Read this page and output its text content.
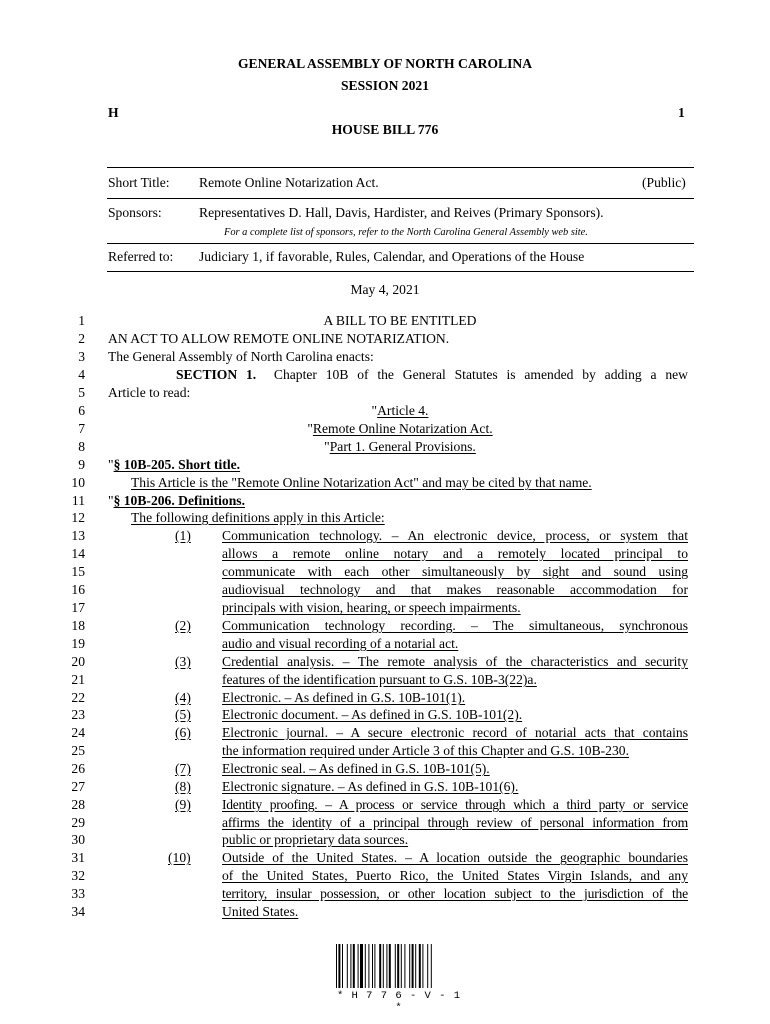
GENERAL ASSEMBLY OF NORTH CAROLINA
SESSION 2021
H	1
HOUSE BILL 776
Short Title: Remote Online Notarization Act.	(Public)
Sponsors:	Representatives D. Hall, Davis, Hardister, and Reives (Primary Sponsors).
For a complete list of sponsors, refer to the North Carolina General Assembly web site.
Referred to: Judiciary 1, if favorable, Rules, Calendar, and Operations of the House
May 4, 2021
1
2
3
4
5
6
7
8
9
10
11
12
13
14
15
16
17
18
19
20
21
22
23
24
25
26
27
28
29
30
31
32
33
34
A BILL TO BE ENTITLED
AN ACT TO ALLOW REMOTE ONLINE NOTARIZATION.
The General Assembly of North Carolina enacts:
SECTION 1. Chapter 10B of the General Statutes is amended by adding a new
Article to read:
"Article 4.
"Remote Online Notarization Act.
"Part 1. General Provisions.
"§ 10B-205. Short title.
This Article is the "Remote Online Notarization Act" and may be cited by that name.
"§ 10B-206. Definitions.
The following definitions apply in this Article:
(1) Communication technology. – An electronic device, process, or system that
allows a remote online notary and a remotely located principal to
communicate with each other simultaneously by sight and sound using
audiovisual technology and that makes reasonable accommodation for
principals with vision, hearing, or speech impairments.
(2) Communication technology recording. – The simultaneous, synchronous
audio and visual recording of a notarial act.
(3) Credential analysis. – The remote analysis of the characteristics and security
features of the identification pursuant to G.S. 10B-3(22)a.
(4) Electronic. – As defined in G.S. 10B-101(1).
(5) Electronic document. – As defined in G.S. 10B-101(2).
(6) Electronic journal. – A secure electronic record of notarial acts that contains
the information required under Article 3 of this Chapter and G.S. 10B-230.
(7) Electronic seal. – As defined in G.S. 10B-101(5).
(8) Electronic signature. – As defined in G.S. 10B-101(6).
(9) Identity proofing. – A process or service through which a third party or service
affirms the identity of a principal through review of personal information from
public or proprietary data sources.
(10) Outside of the United States. – A location outside the geographic boundaries
of the United States, Puerto Rico, the United States Virgin Islands, and any
territory, insular possession, or other location subject to the jurisdiction of the
United States.
* H 7 7 6 - V - 1 *
